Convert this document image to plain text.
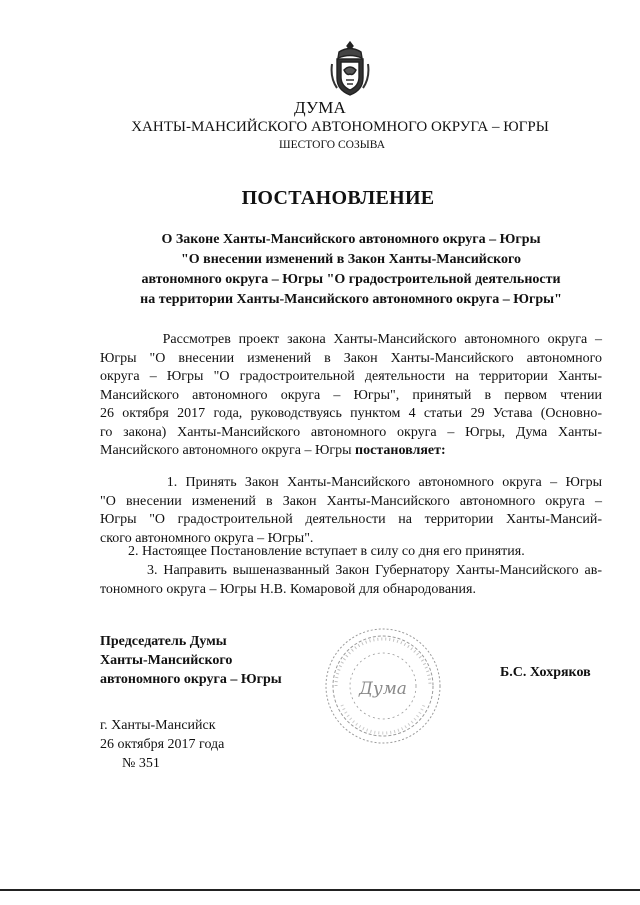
ДУМА
ХАНТЫ-МАНСИЙСКОГО АВТОНОМНОГО ОКРУГА – ЮГРЫ
ШЕСТОГО СОЗЫВА
ПОСТАНОВЛЕНИЕ
О Законе Ханты-Мансийского автономного округа – Югры
"О внесении изменений в Закон Ханты-Мансийского
автономного округа – Югры "О градостроительной деятельности
на территории Ханты-Мансийского автономного округа – Югры"
Рассмотрев проект закона Ханты-Мансийского автономного округа –
Югры "О внесении изменений в Закон Ханты-Мансийского автономного
округа – Югры "О градостроительной деятельности на территории Ханты-
Мансийского автономного округа – Югры", принятый в первом чтении
26 октября 2017 года, руководствуясь пунктом 4 статьи 29 Устава (Основно-
го закона) Ханты-Мансийского автономного округа – Югры, Дума Ханты-
Мансийского автономного округа – Югры постановляет:
1. Принять Закон Ханты-Мансийского автономного округа – Югры
"О внесении изменений в Закон Ханты-Мансийского автономного округа –
Югры "О градостроительной деятельности на территории Ханты-Мансий-
ского автономного округа – Югры".
2. Настоящее Постановление вступает в силу со дня его принятия.
3. Направить вышеназванный Закон Губернатору Ханты-Мансийского ав-
тономного округа – Югры Н.В. Комаровой для обнародования.
Председатель Думы
Ханты-Мансийского
автономного округа – Югры	Дума
Б.С. Хохряков
г. Ханты-Мансийск
26 октября 2017 года
№ 351
